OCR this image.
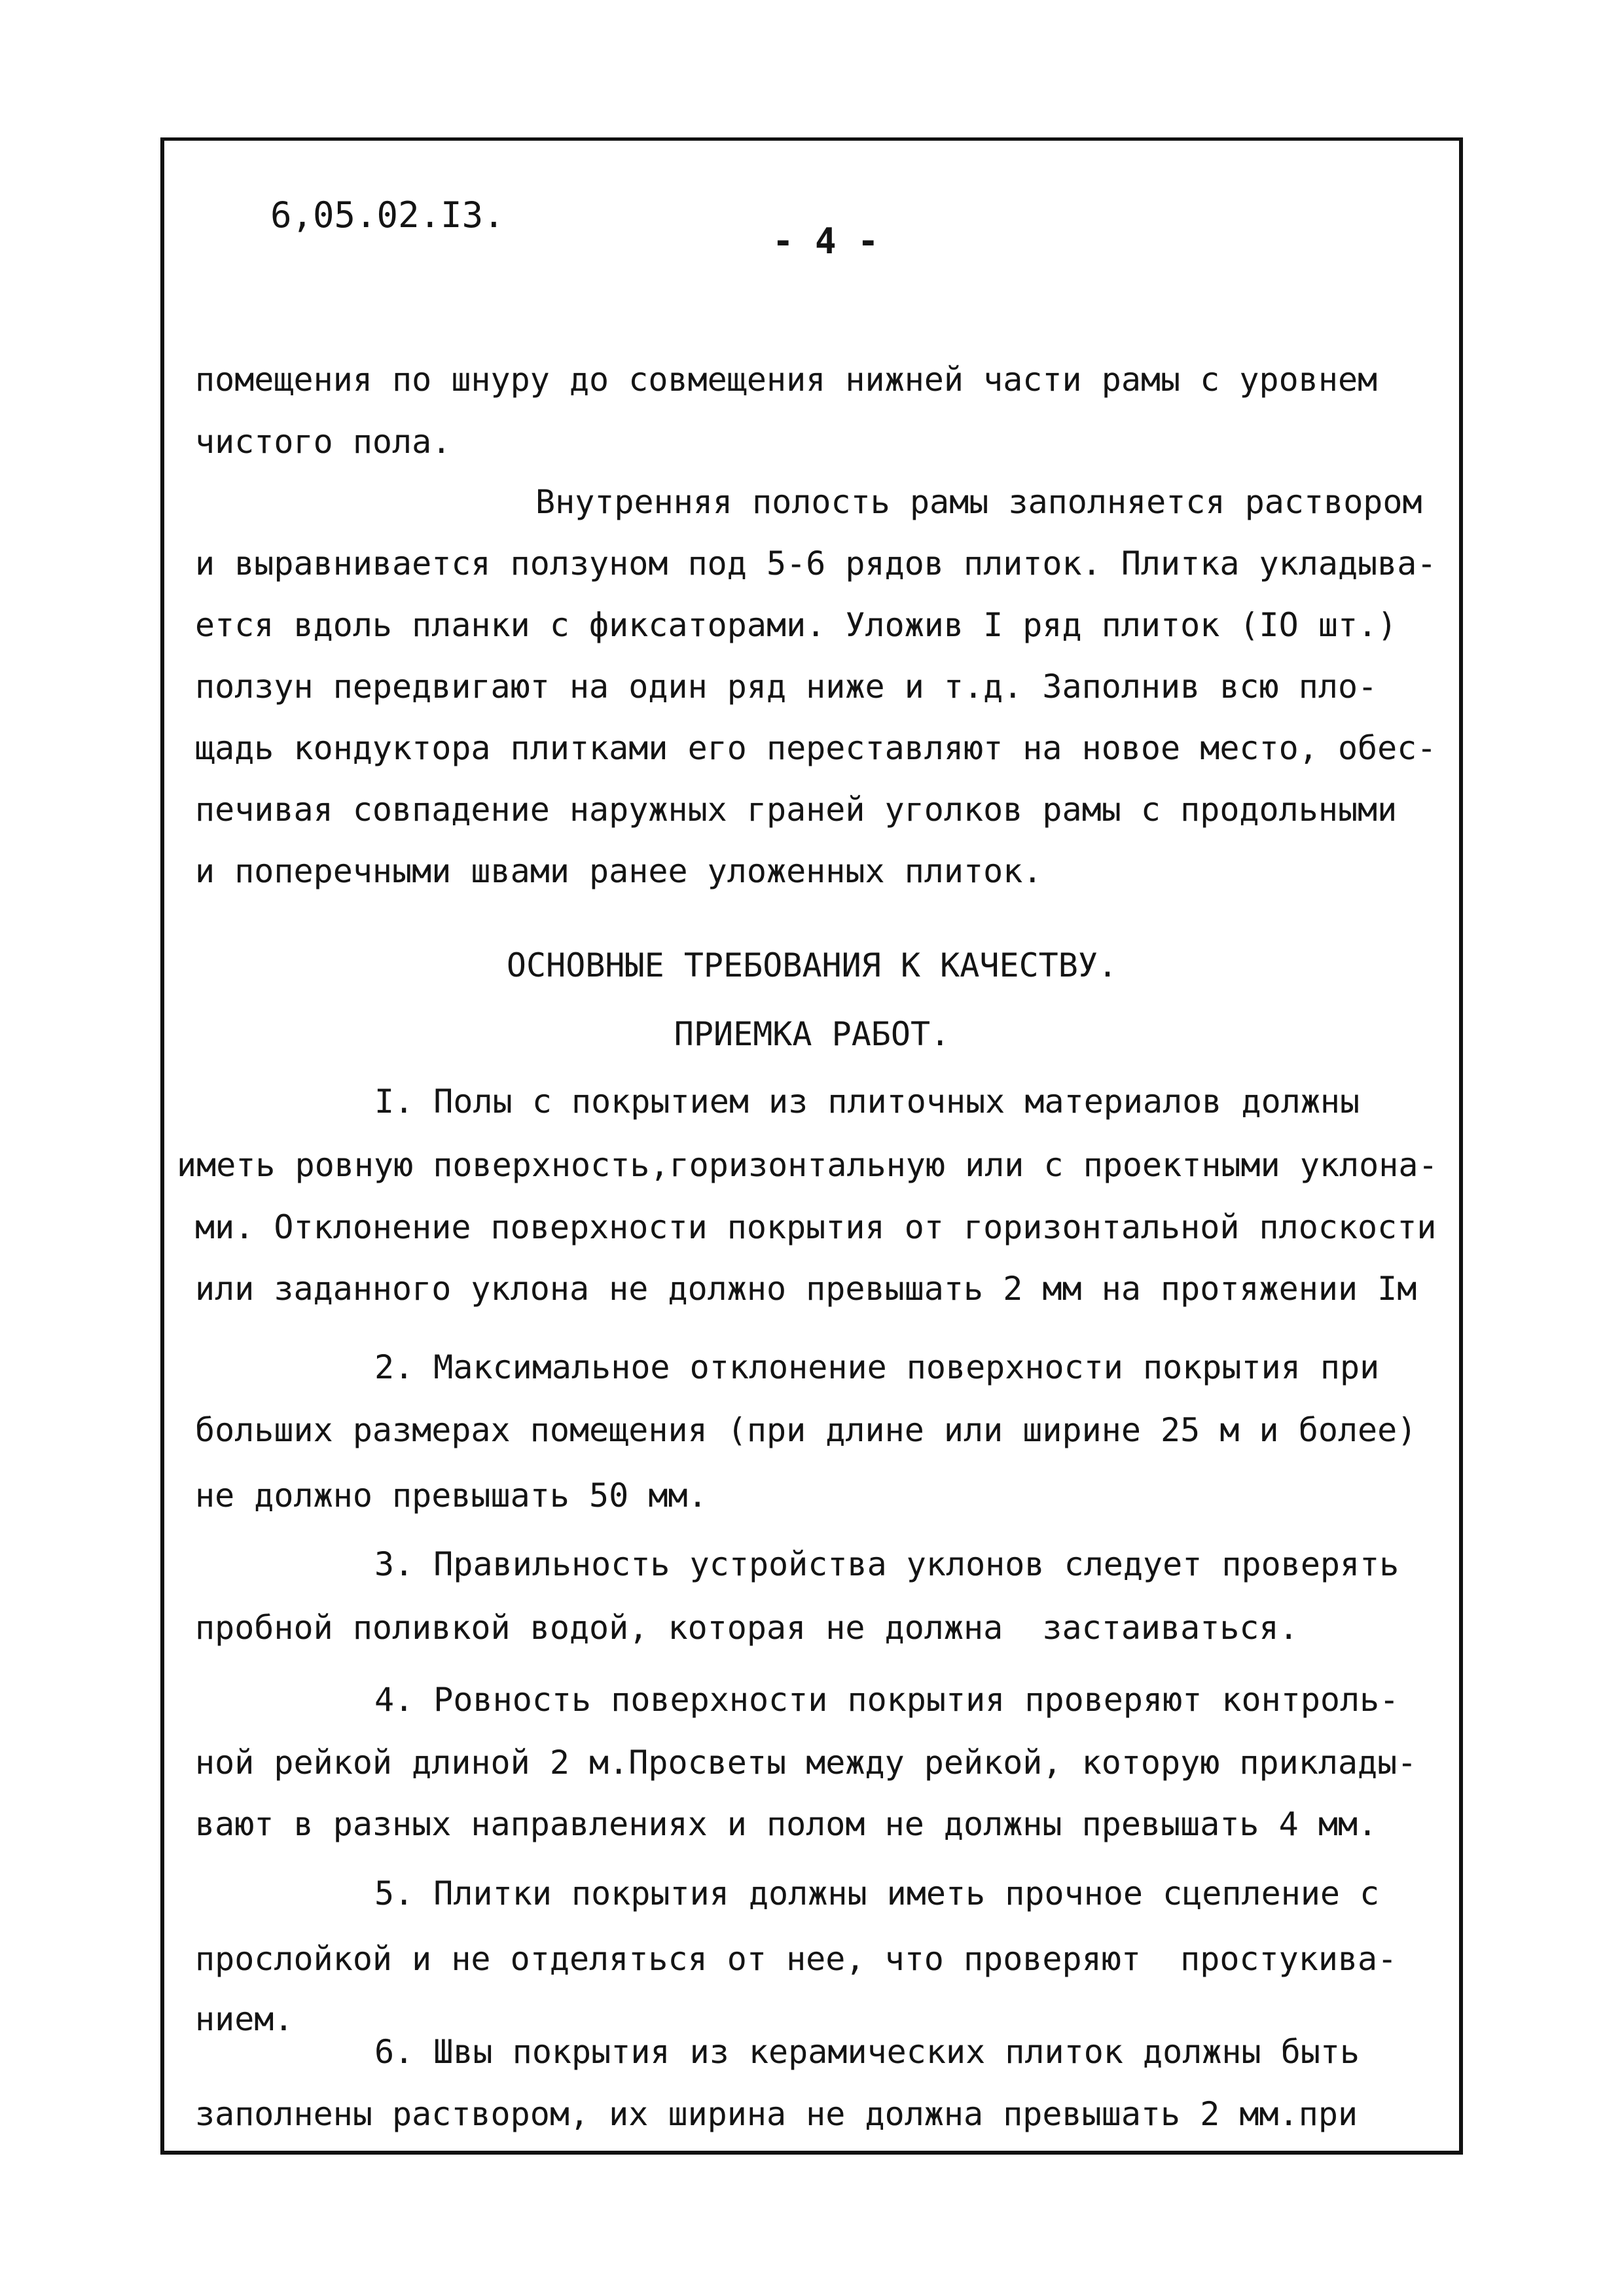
6,05.02.I3.
- 4 -
помещения по шнуру до совмещения нижней части рамы с уровнем
чистого пола.
Внутренняя полость рамы заполняется раствором
и выравнивается ползуном под 5-6 рядов плиток. Плитка укладыва-
ется вдоль планки с фиксаторами. Уложив I ряд плиток (IO шт.)
ползун передвигают на один ряд ниже и т.д. Заполнив всю пло-
щадь кондуктора плитками его переставляют на новое место, обес-
печивая совпадение наружных граней уголков рамы с продольными
и поперечными швами ранее уложенных плиток.
ОСНОВНЫЕ ТРЕБОВАНИЯ К КАЧЕСТВУ.
ПРИЕМКА РАБОТ.
I. Полы с покрытием из плиточных материалов должны
иметь ровную поверхность,горизонтальную или с проектными уклона-
ми. Отклонение поверхности покрытия от горизонтальной плоскости
или заданного уклона не должно превышать 2 мм на протяжении Iм
2. Максимальное отклонение поверхности покрытия при
больших размерах помещения (при длине или ширине 25 м и более)
не должно превышать 50 мм.
3. Правильность устройства уклонов следует проверять
пробной поливкой водой, которая не должна  застаиваться.
4. Ровность поверхности покрытия проверяют контроль-
ной рейкой длиной 2 м.Просветы между рейкой, которую приклады-
вают в разных направлениях и полом не должны превышать 4 мм.
5. Плитки покрытия должны иметь прочное сцепление с
прослойкой и не отделяться от нее, что проверяют  простукива-
нием.
6. Швы покрытия из керамических плиток должны быть
заполнены раствором, их ширина не должна превышать 2 мм.при
